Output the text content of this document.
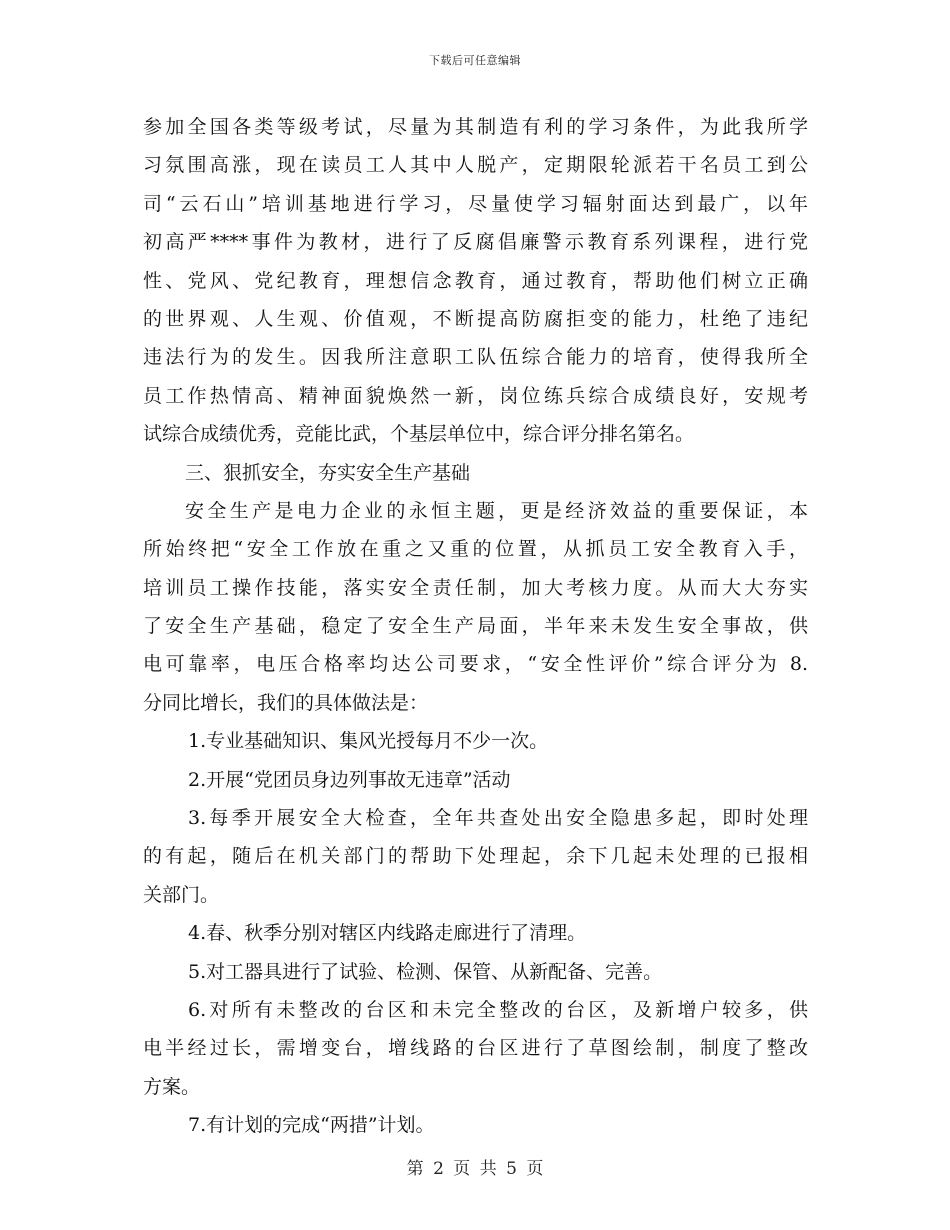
下载后可任意编辑
参加全国各类等级考试，尽量为其制造有利的学习条件，为此我所学
习氛围高涨，现在读员工人其中人脱产，定期限轮派若干名员工到公
司“云石山”培训基地进行学习，尽量使学习辐射面达到最广，以年
初高严****事件为教材，进行了反腐倡廉警示教育系列课程，进行党
性、党风、党纪教育，理想信念教育，通过教育，帮助他们树立正确
的世界观、人生观、价值观，不断提高防腐拒变的能力，杜绝了违纪
违法行为的发生。因我所注意职工队伍综合能力的培育，使得我所全
员工作热情高、精神面貌焕然一新，岗位练兵综合成绩良好，安规考
试综合成绩优秀，竞能比武，个基层单位中，综合评分排名第名。
三、狠抓安全，夯实安全生产基础
安全生产是电力企业的永恒主题，更是经济效益的重要保证，本
所始终把“安全工作放在重之又重的位置，从抓员工安全教育入手，
培训员工操作技能，落实安全责任制，加大考核力度。从而大大夯实
了安全生产基础，稳定了安全生产局面，半年来未发生安全事故，供
电可靠率，电压合格率均达公司要求，“安全性评价”综合评分为 8.
分同比增长，我们的具体做法是：
1.专业基础知识、集风光授每月不少一次。
2.开展“党团员身边列事故无违章”活动
3.每季开展安全大检查，全年共查处出安全隐患多起，即时处理
的有起，随后在机关部门的帮助下处理起，余下几起未处理的已报相
关部门。
4.春、秋季分别对辖区内线路走廊进行了清理。
5.对工器具进行了试验、检测、保管、从新配备、完善。
6.对所有未整改的台区和未完全整改的台区，及新增户较多，供
电半经过长，需增变台，增线路的台区进行了草图绘制，制度了整改
方案。
7.有计划的完成“两措”计划。
第 2 页 共 5 页
